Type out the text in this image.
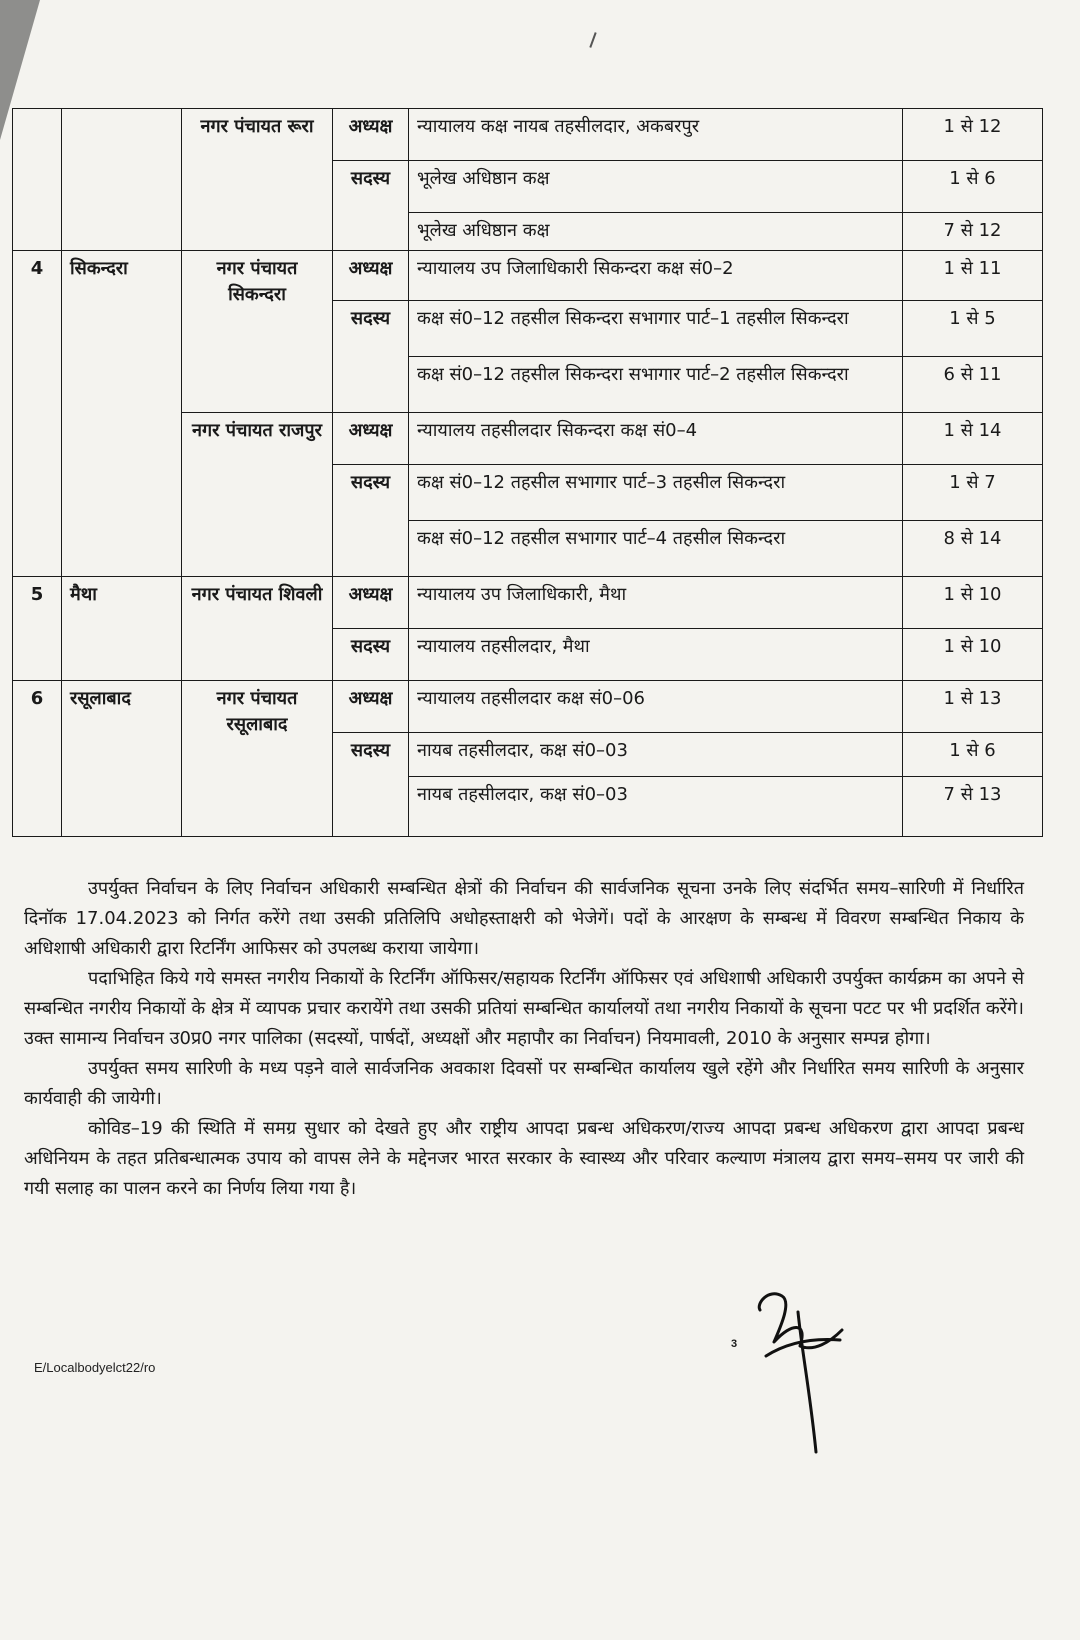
		नगर पंचायत रूरा	अध्यक्ष	न्यायालय कक्ष नायब तहसीलदार, अकबरपुर	1 से 12
			सदस्य	भूलेख अधिष्ठान कक्ष	1 से 6
				भूलेख अधिष्ठान कक्ष	7 से 12
4	सिकन्दरा	नगर पंचायत सिकन्दरा	अध्यक्ष	न्यायालय उप जिलाधिकारी सिकन्दरा कक्ष सं0–2	1 से 11
			सदस्य	कक्ष सं0–12 तहसील सिकन्दरा सभागार पार्ट–1 तहसील सिकन्दरा	1 से 5
				कक्ष सं0–12 तहसील सिकन्दरा सभागार पार्ट–2 तहसील सिकन्दरा	6 से 11
		नगर पंचायत राजपुर	अध्यक्ष	न्यायालय तहसीलदार सिकन्दरा कक्ष सं0–4	1 से 14
			सदस्य	कक्ष सं0–12 तहसील सभागार पार्ट–3 तहसील सिकन्दरा	1 से 7
				कक्ष सं0–12 तहसील सभागार पार्ट–4 तहसील सिकन्दरा	8 से 14
5	मैथा	नगर पंचायत शिवली	अध्यक्ष	न्यायालय उप जिलाधिकारी, मैथा	1 से 10
			सदस्य	न्यायालय तहसीलदार, मैथा	1 से 10
6	रसूलाबाद	नगर पंचायत रसूलाबाद	अध्यक्ष	न्यायालय तहसीलदार कक्ष सं0–06	1 से 13
			सदस्य	नायब तहसीलदार, कक्ष सं0–03	1 से 6
				नायब तहसीलदार, कक्ष सं0–03	7 से 13

उपर्युक्त निर्वाचन के लिए निर्वाचन अधिकारी सम्बन्धित क्षेत्रों की निर्वाचन की सार्वजनिक सूचना उनके लिए संदर्भित समय–सारिणी में निर्धारित दिनॉक 17.04.2023 को निर्गत करेंगे तथा उसकी प्रतिलिपि अधोहस्ताक्षरी को भेजेगें। पदों के आरक्षण के सम्बन्ध में विवरण सम्बन्धित निकाय के अधिशाषी अधिकारी द्वारा रिटर्निंग आफिसर को उपलब्ध कराया जायेगा।

पदाभिहित किये गये समस्त नगरीय निकायों के रिटर्निंग ऑफिसर/सहायक रिटर्निंग ऑफिसर एवं अधिशाषी अधिकारी उपर्युक्त कार्यक्रम का अपने से सम्बन्धित नगरीय निकायों के क्षेत्र में व्यापक प्रचार करायेंगे तथा उसकी प्रतियां सम्बन्धित कार्यालयों तथा नगरीय निकायों के सूचना पटट पर भी प्रदर्शित करेंगे। उक्त सामान्य निर्वाचन उ0प्र0 नगर पालिका (सदस्यों, पार्षदों, अध्यक्षों और महापौर का निर्वाचन) नियमावली, 2010 के अनुसार सम्पन्न होगा।

उपर्युक्त समय सारिणी के मध्य पड़ने वाले सार्वजनिक अवकाश दिवसों पर सम्बन्धित कार्यालय खुले रहेंगे और निर्धारित समय सारिणी के अनुसार कार्यवाही की जायेगी।

कोविड–19 की स्थिति में समग्र सुधार को देखते हुए और राष्ट्रीय आपदा प्रबन्ध अधिकरण/राज्य आपदा प्रबन्ध अधिकरण द्वारा आपदा प्रबन्ध अधिनियम के तहत प्रतिबन्धात्मक उपाय को वापस लेने के मद्देनजर भारत सरकार के स्वास्थ्य और परिवार कल्याण मंत्रालय द्वारा समय–समय पर जारी की गयी सलाह का पालन करने का निर्णय लिया गया है।

3
E/Localbodyelct22/ro
